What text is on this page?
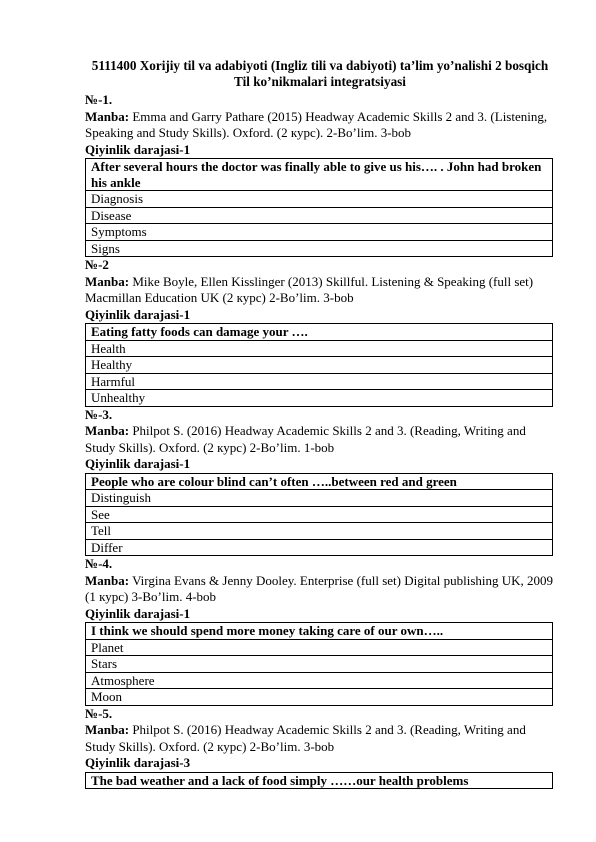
5111400 Xorijiy til va adabiyoti (Ingliz tili va dabiyoti) ta’lim yo’nalishi 2 bosqich Til ko’nikmalari integratsiyasi
№-1.
Manba: Emma and Garry Pathare (2015) Headway Academic Skills 2 and 3. (Listening, Speaking and Study Skills). Oxford. (2 курс). 2-Bo’lim. 3-bob
Qiyinlik darajasi-1
After several hours the doctor was finally able to give us his…. . John had broken his ankle
Diagnosis
Disease
Symptoms
Signs
№-2
Manba: Mike Boyle, Ellen Kisslinger (2013) Skillful. Listening & Speaking (full set) Macmillan Education UK (2 курс) 2-Bo’lim. 3-bob
Qiyinlik darajasi-1
Eating fatty foods can damage your ….
Health
Healthy
Harmful
Unhealthy
№-3.
Manba: Philpot S. (2016) Headway Academic Skills 2 and 3. (Reading, Writing and Study Skills). Oxford. (2 курс) 2-Bo’lim. 1-bob
Qiyinlik darajasi-1
People who are colour blind can’t often …..between red and green
Distinguish
See
Tell
Differ
№-4.
Manba: Virgina Evans & Jenny Dooley. Enterprise (full set) Digital publishing UK, 2009 (1 курс) 3-Bo’lim. 4-bob
Qiyinlik darajasi-1
I think we should spend more money taking care of our own…..
Planet
Stars
Atmosphere
Moon
№-5.
Manba: Philpot S. (2016) Headway Academic Skills 2 and 3. (Reading, Writing and Study Skills). Oxford. (2 курс) 2-Bo’lim. 3-bob
Qiyinlik darajasi-3
The bad weather and a lack of food simply ……our health problems
